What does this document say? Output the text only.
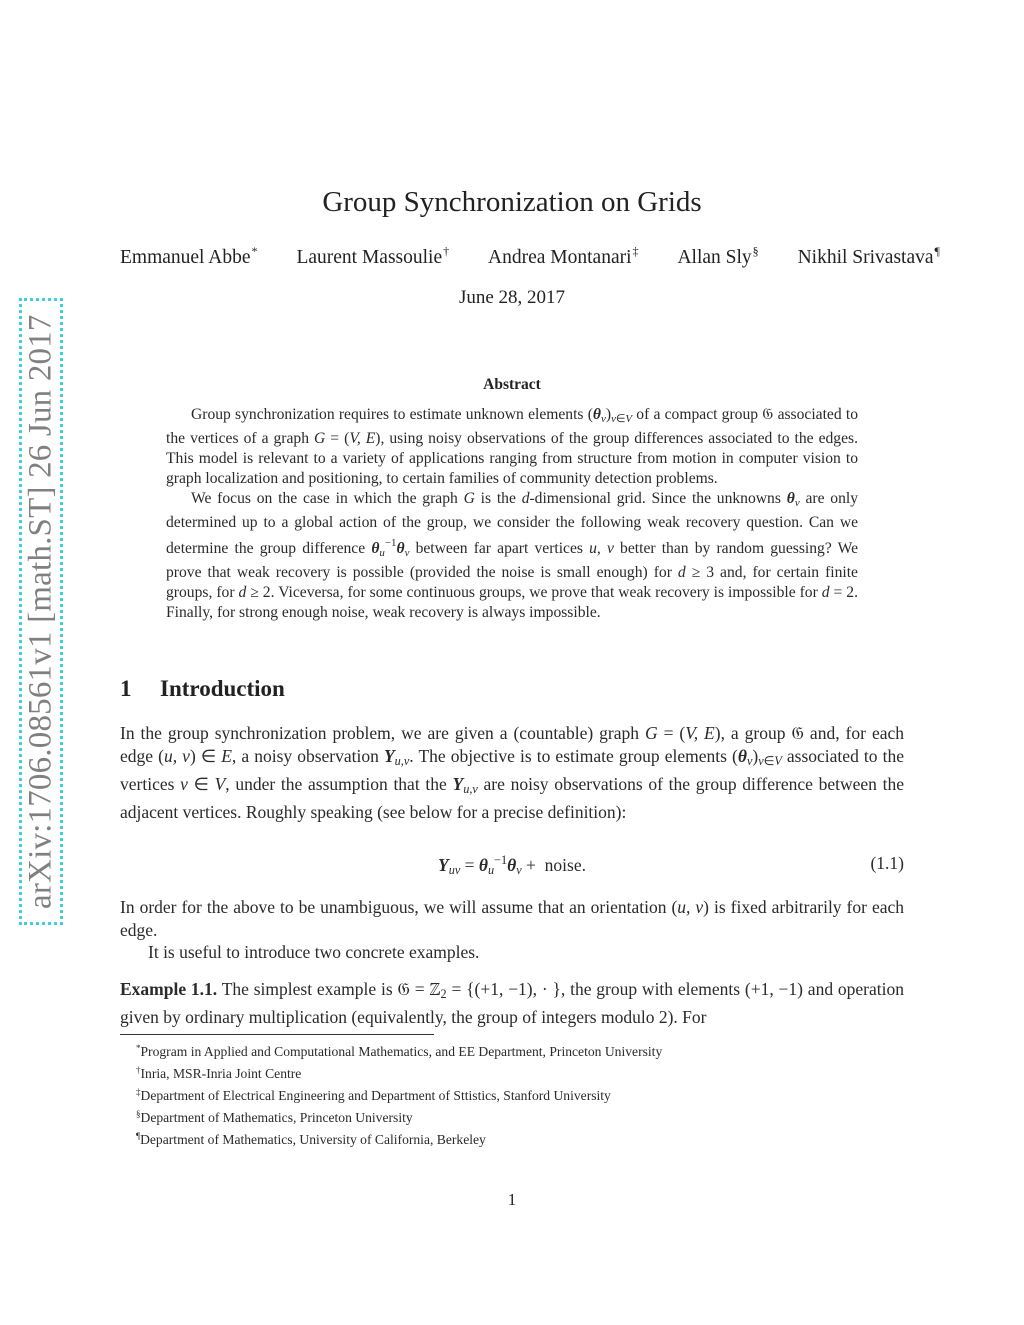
arXiv:1706.08561v1 [math.ST] 26 Jun 2017
Group Synchronization on Grids
Emmanuel Abbe* Laurent Massoulie† Andrea Montanari‡ Allan Sly§ Nikhil Srivastava¶
June 28, 2017
Abstract

Group synchronization requires to estimate unknown elements $(\theta_v)_{v\in V}$ of a compact group 𝔊 associated to the vertices of a graph G = (V, E), using noisy observations of the group differences associated to the edges. This model is relevant to a variety of applications ranging from structure from motion in computer vision to graph localization and positioning, to certain families of community detection problems.

We focus on the case in which the graph G is the d-dimensional grid. Since the unknowns $\theta_v$ are only determined up to a global action of the group, we consider the following weak recovery question. Can we determine the group difference $\theta_u^{-1}\theta_v$ between far apart vertices u, v better than by random guessing? We prove that weak recovery is possible (provided the noise is small enough) for d ≥ 3 and, for certain finite groups, for d ≥ 2. Viceversa, for some continuous groups, we prove that weak recovery is impossible for d = 2. Finally, for strong enough noise, weak recovery is always impossible.

1 Introduction
In the group synchronization problem, we are given a (countable) graph G = (V, E), a group 𝔊 and, for each edge (u, v) ∈ E, a noisy observation $Y_{u,v}$. The objective is to estimate group elements $(\theta_v)_{v\in V}$ associated to the vertices v ∈ V, under the assumption that the $Y_{u,v}$ are noisy observations of the group difference between the adjacent vertices. Roughly speaking (see below for a precise definition):
$Y_{uv} = \theta_u^{-1}\theta_v$ +  noise.	(1.1)
In order for the above to be unambiguous, we will assume that an orientation (u, v) is fixed arbitrarily for each edge.
It is useful to introduce two concrete examples.
Example 1.1. The simplest example is 𝔊 = ℤ$_2$ = {(+1, −1), · }, the group with elements (+1, −1) and operation given by ordinary multiplication (equivalently, the group of integers modulo 2). For
*Program in Applied and Computational Mathematics, and EE Department, Princeton University
†Inria, MSR-Inria Joint Centre
‡Department of Electrical Engineering and Department of Sttistics, Stanford University
§Department of Mathematics, Princeton University
¶Department of Mathematics, University of California, Berkeley
1
